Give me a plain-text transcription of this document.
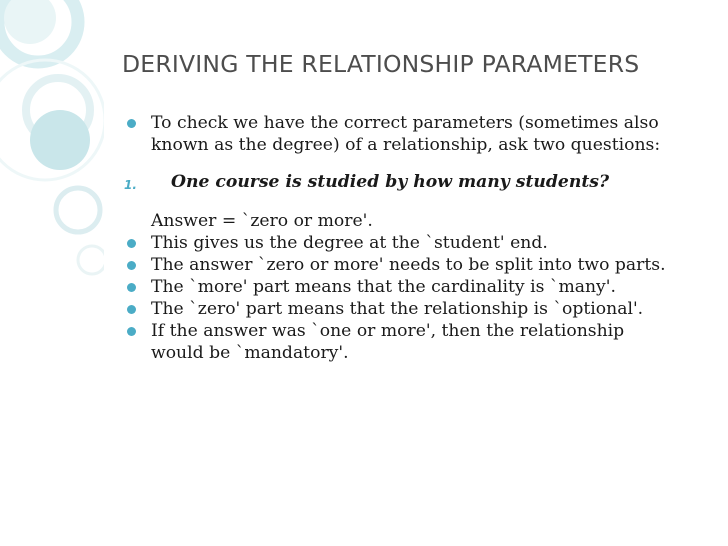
DERIVING THE RELATIONSHIP PARAMETERS
To check we have the correct parameters (sometimes also
known as the degree) of a relationship, ask two questions:
1. One course is studied by how many students?
Answer = `zero or more'.
This gives us the degree at the `student' end.
The answer `zero or more' needs to be split into two parts.
The `more' part means that the cardinality is `many'.
The `zero' part means that the relationship is `optional'.
If the answer was `one or more', then the relationship
would be `mandatory'.
